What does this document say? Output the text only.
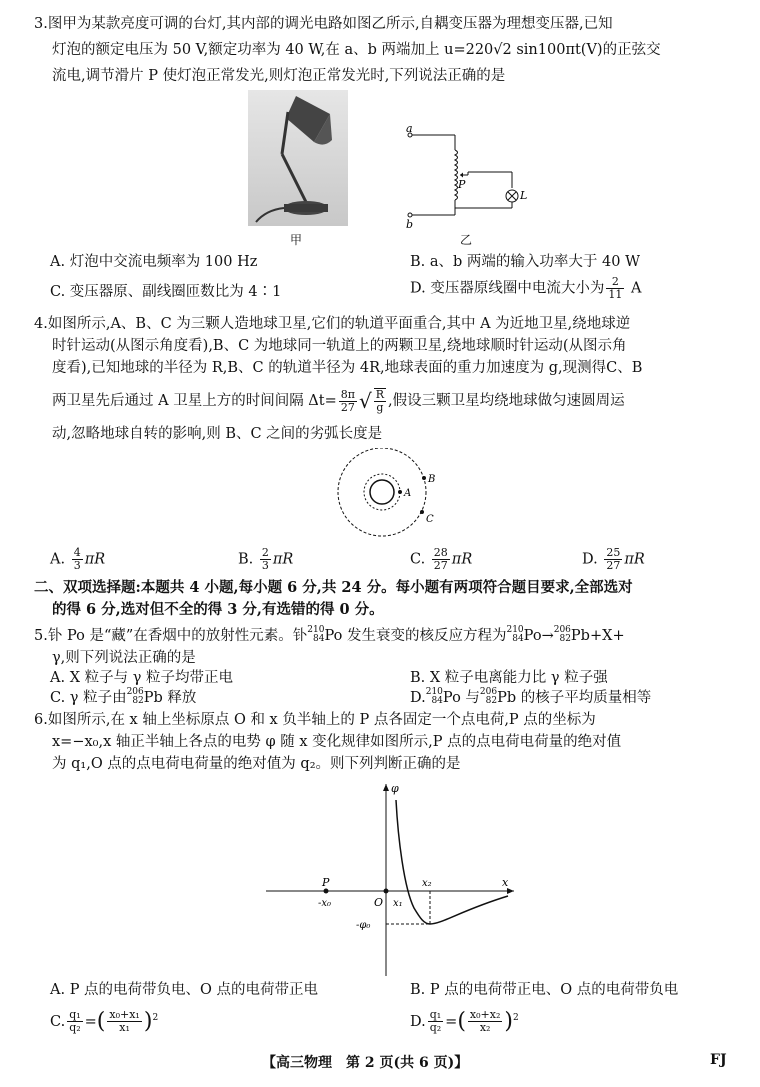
3.图甲为某款亮度可调的台灯,其内部的调光电路如图乙所示,自耦变压器为理想变压器,已知
灯泡的额定电压为 50 V,额定功率为 40 W,在 a、b 两端加上 u=220√2 sin100πt(V)的正弦交
流电,调节滑片 P 使灯泡正常发光,则灯泡正常发光时,下列说法正确的是
甲
a
b
P
L
乙
A. 灯泡中交流电频率为 100 Hz	B. a、b 两端的输入功率大于 40 W
C. 变压器原、副线圈匝数比为 4∶1	D. 变压器原线圈中电流大小为 $\frac{2}{11}$ A
4.如图所示,A、B、C 为三颗人造地球卫星,它们的轨道平面重合,其中 A 为近地卫星,绕地球逆
时针运动(从图示角度看),B、C 为地球同一轨道上的两颗卫星,绕地球顺时针运动(从图示角
度看),已知地球的半径为 R,B、C 的轨道半径为 4R,地球表面的重力加速度为 g,现测得C、B
两卫星先后通过 A 卫星上方的时间间隔 $\Delta t= \frac{8\pi}{27}$ √ $\frac{R}{g}$ ,假设三颗卫星均绕地球做匀速圆周运
动,忽略地球自转的影响,则 B、C 之间的劣弧长度是
A
B
C
A. $\frac{4}{3}$ πR	B. $\frac{2}{3}$ πR	C. $\frac{28}{27}$ πR	D. $\frac{25}{27}$ πR
二、双项选择题:本题共 4 小题,每小题 6 分,共 24 分。每小题有两项符合题目要求,全部选对
的得 6 分,选对但不全的得 3 分,有选错的得 0 分。
5.钋 Po 是“藏”在香烟中的放射性元素。钋 210
84 Po 发生衰变的核反应方程为 210
84 Po→ 206
82 Pb+X+
γ,则下列说法正确的是
A. X 粒子与 γ 粒子均带正电	B. X 粒子电离能力比 γ 粒子强
C. γ 粒子由 206
82 Pb 释放	D. 210
84 Po 与 206
82 Pb 的核子平均质量相等
6.如图所示,在 x 轴上坐标原点 O 和 x 负半轴上的 P 点各固定一个点电荷,P 点的坐标为
x=−x₀,x 轴正半轴上各点的电势 φ 随 x 变化规律如图所示,P 点的点电荷电荷量的绝对值
为 q₁,O 点的点电荷电荷量的绝对值为 q₂。则下列判断正确的是
φ
x
P
-x₀	O x₁
x₂
-φ₀
A. P 点的电荷带负电、O 点的电荷带正电	B. P 点的电荷带正电、O 点的电荷带负电
C. $\frac{\text{q₁}}{\text{q₂}}$ =( $\frac{\text{x₀+x₁}}{\text{x₁}} )^2$	D. $\frac{\text{q₁}}{\text{q₂}}$ =( $\frac{\text{x₀+x₂}}{\text{x₂}} )^2$
【高三物理　第 2 页(共 6 页)】	FJ
